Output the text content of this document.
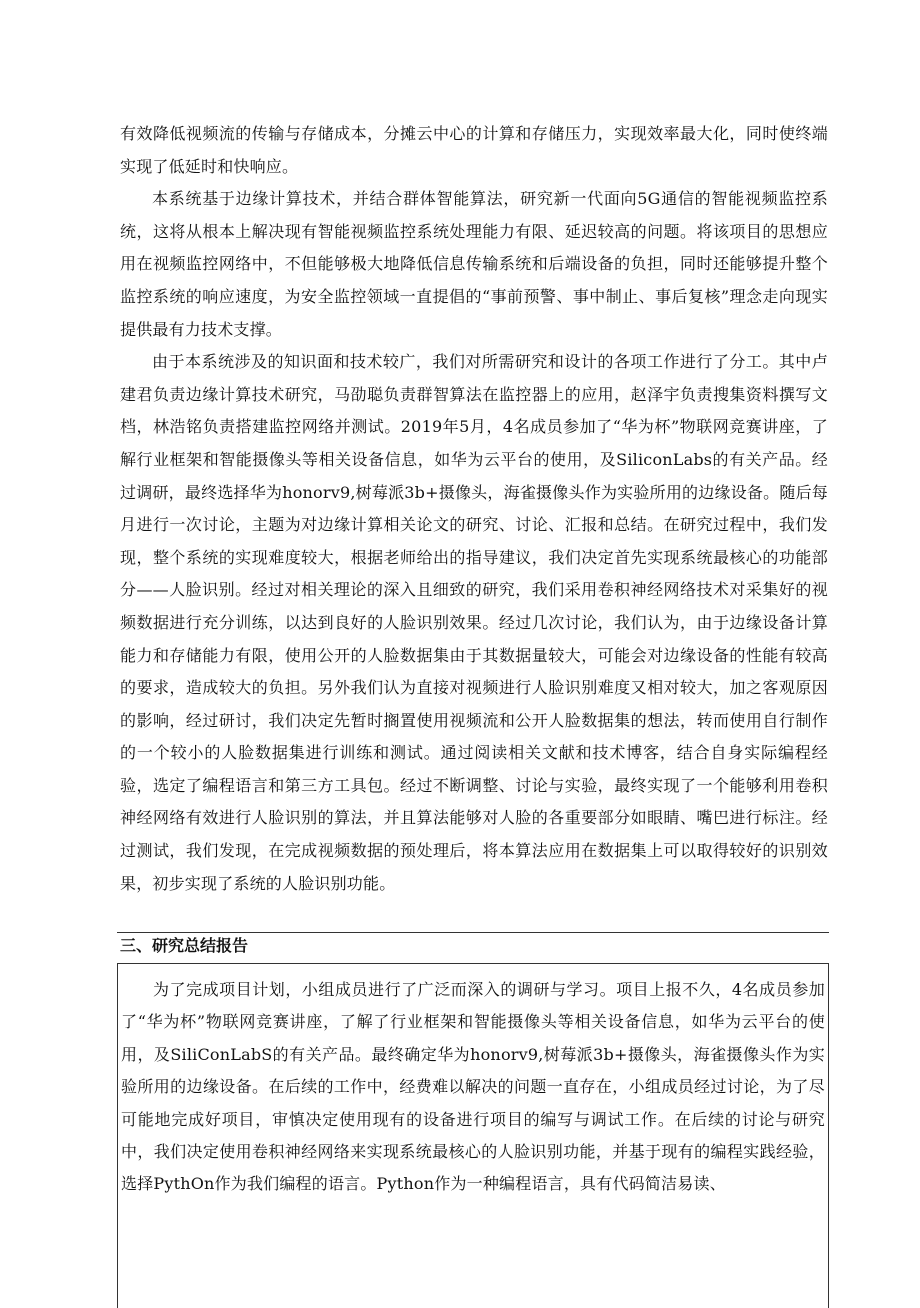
有效降低视频流的传输与存储成本，分摊云中心的计算和存储压力，实现效率最大化，同时使终端实现了低延时和快响应。

本系统基于边缘计算技术，并结合群体智能算法，研究新一代面向5G通信的智能视频监控系统，这将从根本上解决现有智能视频监控系统处理能力有限、延迟较高的问题。将该项目的思想应用在视频监控网络中，不但能够极大地降低信息传输系统和后端设备的负担，同时还能够提升整个监控系统的响应速度，为安全监控领域一直提倡的“事前预警、事中制止、事后复核”理念走向现实提供最有力技术支撑。

由于本系统涉及的知识面和技术较广，我们对所需研究和设计的各项工作进行了分工。其中卢建君负责边缘计算技术研究，马劭聪负责群智算法在监控器上的应用，赵泽宇负责搜集资料撰写文档，林浩铭负责搭建监控网络并测试。2019年5月，4名成员参加了“华为杯”物联网竞赛讲座，了解行业框架和智能摄像头等相关设备信息，如华为云平台的使用，及SiliconLabs的有关产品。经过调研，最终选择华为honorv9,树莓派3b+摄像头，海雀摄像头作为实验所用的边缘设备。随后每月进行一次讨论，主题为对边缘计算相关论文的研究、讨论、汇报和总结。在研究过程中，我们发现，整个系统的实现难度较大，根据老师给出的指导建议，我们决定首先实现系统最核心的功能部分——人脸识别。经过对相关理论的深入且细致的研究，我们采用卷积神经网络技术对采集好的视频数据进行充分训练，以达到良好的人脸识别效果。经过几次讨论，我们认为，由于边缘设备计算能力和存储能力有限，使用公开的人脸数据集由于其数据量较大，可能会对边缘设备的性能有较高的要求，造成较大的负担。另外我们认为直接对视频进行人脸识别难度又相对较大，加之客观原因的影响，经过研讨，我们决定先暂时搁置使用视频流和公开人脸数据集的想法，转而使用自行制作的一个较小的人脸数据集进行训练和测试。通过阅读相关文献和技术博客，结合自身实际编程经验，选定了编程语言和第三方工具包。经过不断调整、讨论与实验，最终实现了一个能够利用卷积神经网络有效进行人脸识别的算法，并且算法能够对人脸的各重要部分如眼睛、嘴巴进行标注。经过测试，我们发现，在完成视频数据的预处理后，将本算法应用在数据集上可以取得较好的识别效果，初步实现了系统的人脸识别功能。

三、研究总结报告

为了完成项目计划，小组成员进行了广泛而深入的调研与学习。项目上报不久，4名成员参加了“华为杯”物联网竞赛讲座，了解了行业框架和智能摄像头等相关设备信息，如华为云平台的使用，及SiliConLabS的有关产品。最终确定华为honorv9,树莓派3b+摄像头，海雀摄像头作为实验所用的边缘设备。在后续的工作中，经费难以解决的问题一直存在，小组成员经过讨论，为了尽可能地完成好项目，审慎决定使用现有的设备进行项目的编写与调试工作。在后续的讨论与研究中，我们决定使用卷积神经网络来实现系统最核心的人脸识别功能，并基于现有的编程实践经验，选择PythOn作为我们编程的语言。Python作为一种编程语言，具有代码简洁易读、
